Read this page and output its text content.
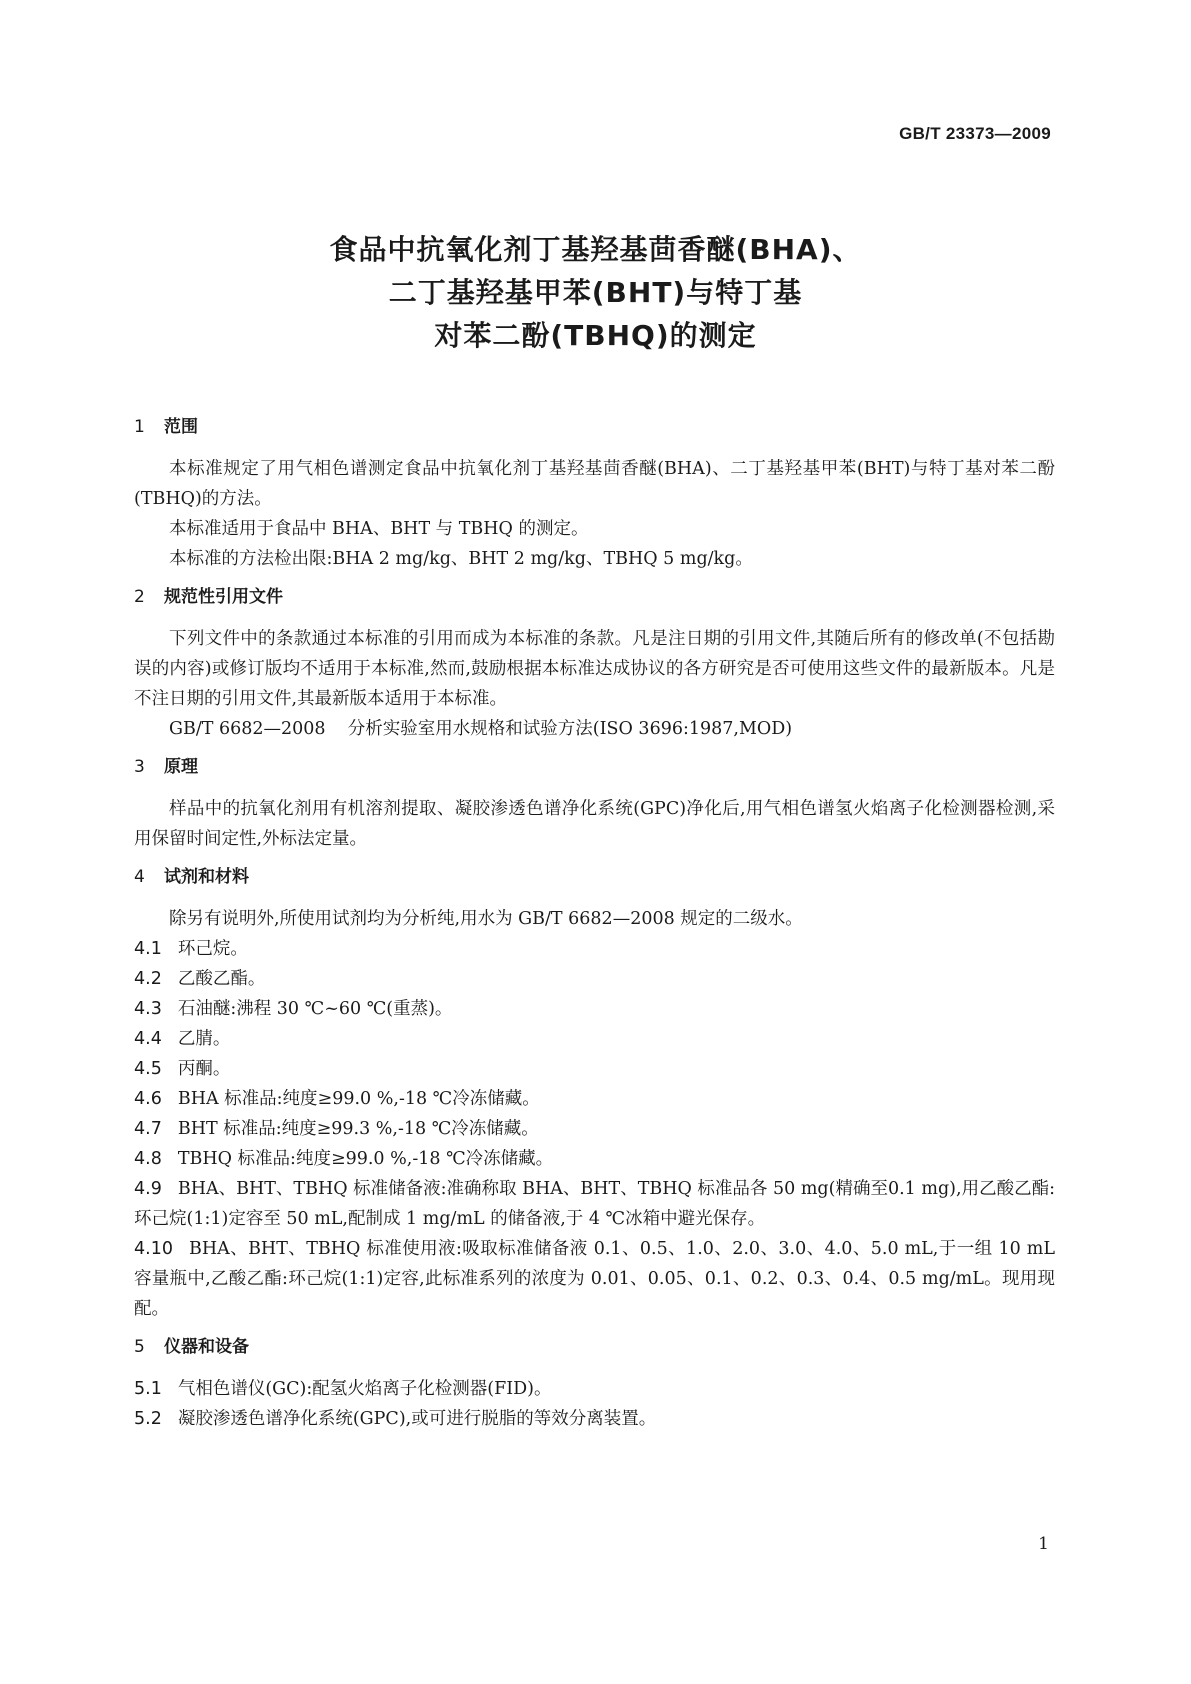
GB/T 23373—2009
食品中抗氧化剂丁基羟基茴香醚(BHA)、
二丁基羟基甲苯(BHT)与特丁基
对苯二酚(TBHQ)的测定
1 范围
本标准规定了用气相色谱测定食品中抗氧化剂丁基羟基茴香醚(BHA)、二丁基羟基甲苯(BHT)与特丁基对苯二酚(TBHQ)的方法。
本标准适用于食品中 BHA、BHT 与 TBHQ 的测定。
本标准的方法检出限:BHA 2 mg/kg、BHT 2 mg/kg、TBHQ 5 mg/kg。
2 规范性引用文件
下列文件中的条款通过本标准的引用而成为本标准的条款。凡是注日期的引用文件,其随后所有的修改单(不包括勘误的内容)或修订版均不适用于本标准,然而,鼓励根据本标准达成协议的各方研究是否可使用这些文件的最新版本。凡是不注日期的引用文件,其最新版本适用于本标准。
GB/T 6682—2008    分析实验室用水规格和试验方法(ISO 3696:1987,MOD)
3 原理
样品中的抗氧化剂用有机溶剂提取、凝胶渗透色谱净化系统(GPC)净化后,用气相色谱氢火焰离子化检测器检测,采用保留时间定性,外标法定量。
4 试剂和材料
除另有说明外,所使用试剂均为分析纯,用水为 GB/T 6682—2008 规定的二级水。
4.1 环己烷。
4.2 乙酸乙酯。
4.3 石油醚:沸程 30 ℃~60 ℃(重蒸)。
4.4 乙腈。
4.5 丙酮。
4.6 BHA 标准品:纯度≥99.0 %,-18 ℃冷冻储藏。
4.7 BHT 标准品:纯度≥99.3 %,-18 ℃冷冻储藏。
4.8 TBHQ 标准品:纯度≥99.0 %,-18 ℃冷冻储藏。
4.9 BHA、BHT、TBHQ 标准储备液:准确称取 BHA、BHT、TBHQ 标准品各 50 mg(精确至0.1 mg),用乙酸乙酯:环己烷(1:1)定容至 50 mL,配制成 1 mg/mL 的储备液,于 4 ℃冰箱中避光保存。
4.10 BHA、BHT、TBHQ 标准使用液:吸取标准储备液 0.1、0.5、1.0、2.0、3.0、4.0、5.0 mL,于一组 10 mL 容量瓶中,乙酸乙酯:环己烷(1:1)定容,此标准系列的浓度为 0.01、0.05、0.1、0.2、0.3、0.4、0.5 mg/mL。现用现配。
5 仪器和设备
5.1 气相色谱仪(GC):配氢火焰离子化检测器(FID)。
5.2 凝胶渗透色谱净化系统(GPC),或可进行脱脂的等效分离装置。
1
